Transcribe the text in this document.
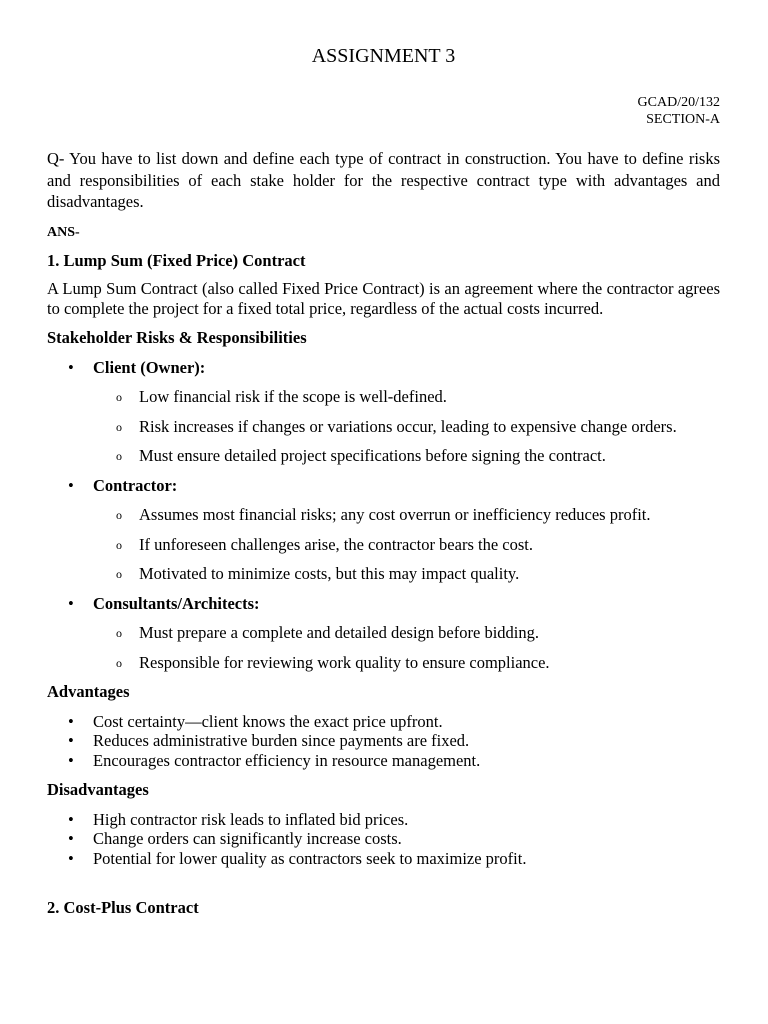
ASSIGNMENT 3
GCAD/20/132
SECTION-A

Q- You have to list down and define each type of contract in construction. You have to define risks and responsibilities of each stake holder for the respective contract type with advantages and disadvantages.

ANS-

1. Lump Sum (Fixed Price) Contract

A Lump Sum Contract (also called Fixed Price Contract) is an agreement where the contractor agrees to complete the project for a fixed total price, regardless of the actual costs incurred.

Stakeholder Risks & Responsibilities

• Client (Owner):
o Low financial risk if the scope is well-defined.
o Risk increases if changes or variations occur, leading to expensive change orders.
o Must ensure detailed project specifications before signing the contract.
• Contractor:
o Assumes most financial risks; any cost overrun or inefficiency reduces profit.
o If unforeseen challenges arise, the contractor bears the cost.
o Motivated to minimize costs, but this may impact quality.
• Consultants/Architects:
o Must prepare a complete and detailed design before bidding.
o Responsible for reviewing work quality to ensure compliance.

Advantages

• Cost certainty—client knows the exact price upfront.
• Reduces administrative burden since payments are fixed.
• Encourages contractor efficiency in resource management.

Disadvantages

• High contractor risk leads to inflated bid prices.
• Change orders can significantly increase costs.
• Potential for lower quality as contractors seek to maximize profit.

2. Cost-Plus Contract
